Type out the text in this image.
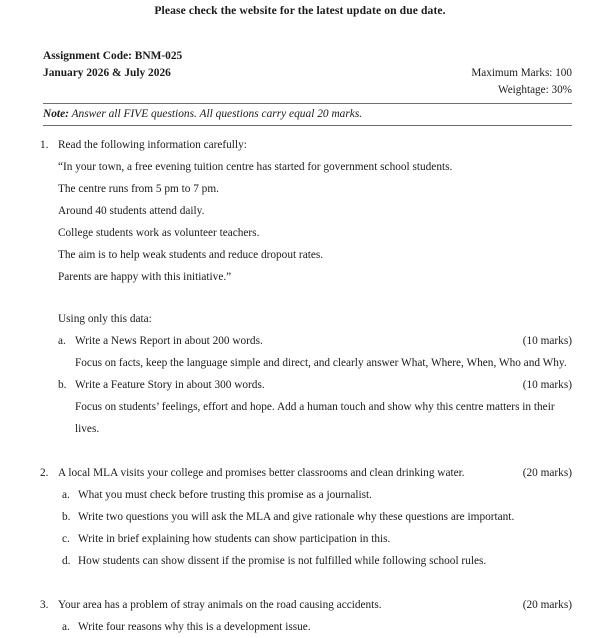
Please check the website for the latest update on due date.
Assignment Code: BNM-025
January 2026 & July 2026	Maximum Marks: 100
Weightage: 30%
Note: Answer all FIVE questions. All questions carry equal 20 marks.
1. Read the following information carefully:
“In your town, a free evening tuition centre has started for government school students.
The centre runs from 5 pm to 7 pm.
Around 40 students attend daily.
College students work as volunteer teachers.
The aim is to help weak students and reduce dropout rates.
Parents are happy with this initiative.”
Using only this data:
a.	(10 marks)
Write a News Report in about 200 words.
Focus on facts, keep the language simple and direct, and clearly answer What, Where, When, Who and Why.
b.	(10 marks)
Write a Feature Story in about 300 words.
Focus on students’ feelings, effort and hope. Add a human touch and show why this centre matters in their lives.
2.	(20 marks)
A local MLA visits your college and promises better classrooms and clean drinking water.
a. What you must check before trusting this promise as a journalist.
b. Write two questions you will ask the MLA and give rationale why these questions are important.
c. Write in brief explaining how students can show participation in this.
d. How students can show dissent if the promise is not fulfilled while following school rules.
3.	(20 marks)
Your area has a problem of stray animals on the road causing accidents.
a. Write four reasons why this is a development issue.
